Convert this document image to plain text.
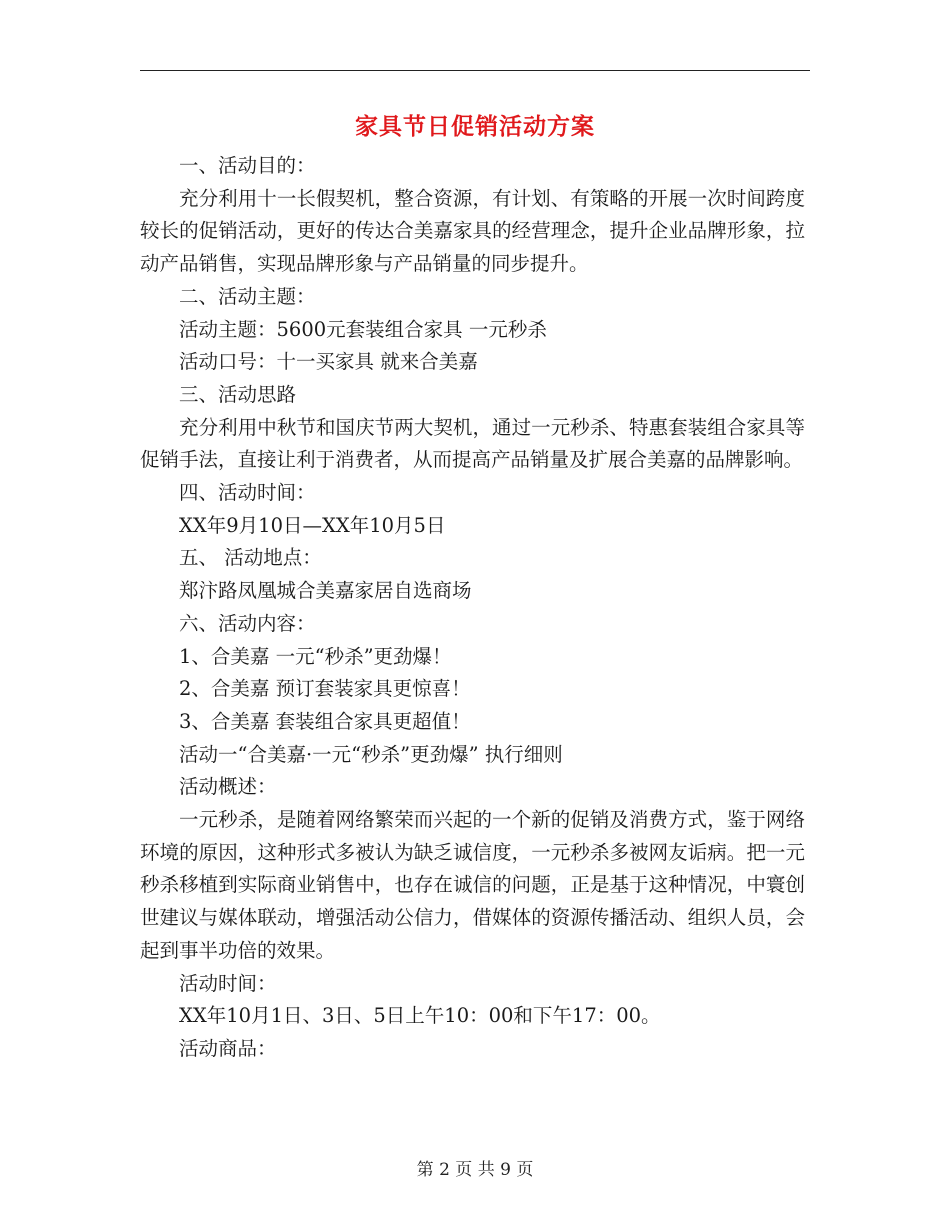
家具节日促销活动方案

一、活动目的：

充分利用十一长假契机，整合资源，有计划、有策略的开展一次时间跨度较长的促销活动，更好的传达合美嘉家具的经营理念，提升企业品牌形象，拉动产品销售，实现品牌形象与产品销量的同步提升。

二、活动主题：

活动主题：5600元套装组合家具 一元秒杀

活动口号：十一买家具 就来合美嘉

三、活动思路

充分利用中秋节和国庆节两大契机，通过一元秒杀、特惠套装组合家具等促销手法，直接让利于消费者，从而提高产品销量及扩展合美嘉的品牌影响。

四、活动时间：

XX年9月10日—XX年10月5日

五、 活动地点：

郑汴路凤凰城合美嘉家居自选商场

六、活动内容：

1、合美嘉 一元“秒杀”更劲爆！

2、合美嘉 预订套装家具更惊喜！

3、合美嘉 套装组合家具更超值！

活动一“合美嘉·一元“秒杀”更劲爆” 执行细则

活动概述：

一元秒杀，是随着网络繁荣而兴起的一个新的促销及消费方式，鉴于网络环境的原因，这种形式多被认为缺乏诚信度，一元秒杀多被网友诟病。把一元秒杀移植到实际商业销售中，也存在诚信的问题，正是基于这种情况，中寰创世建议与媒体联动，增强活动公信力，借媒体的资源传播活动、组织人员，会起到事半功倍的效果。

活动时间：

XX年10月1日、3日、5日上午10：00和下午17：00。

活动商品：

第 2 页 共 9 页
